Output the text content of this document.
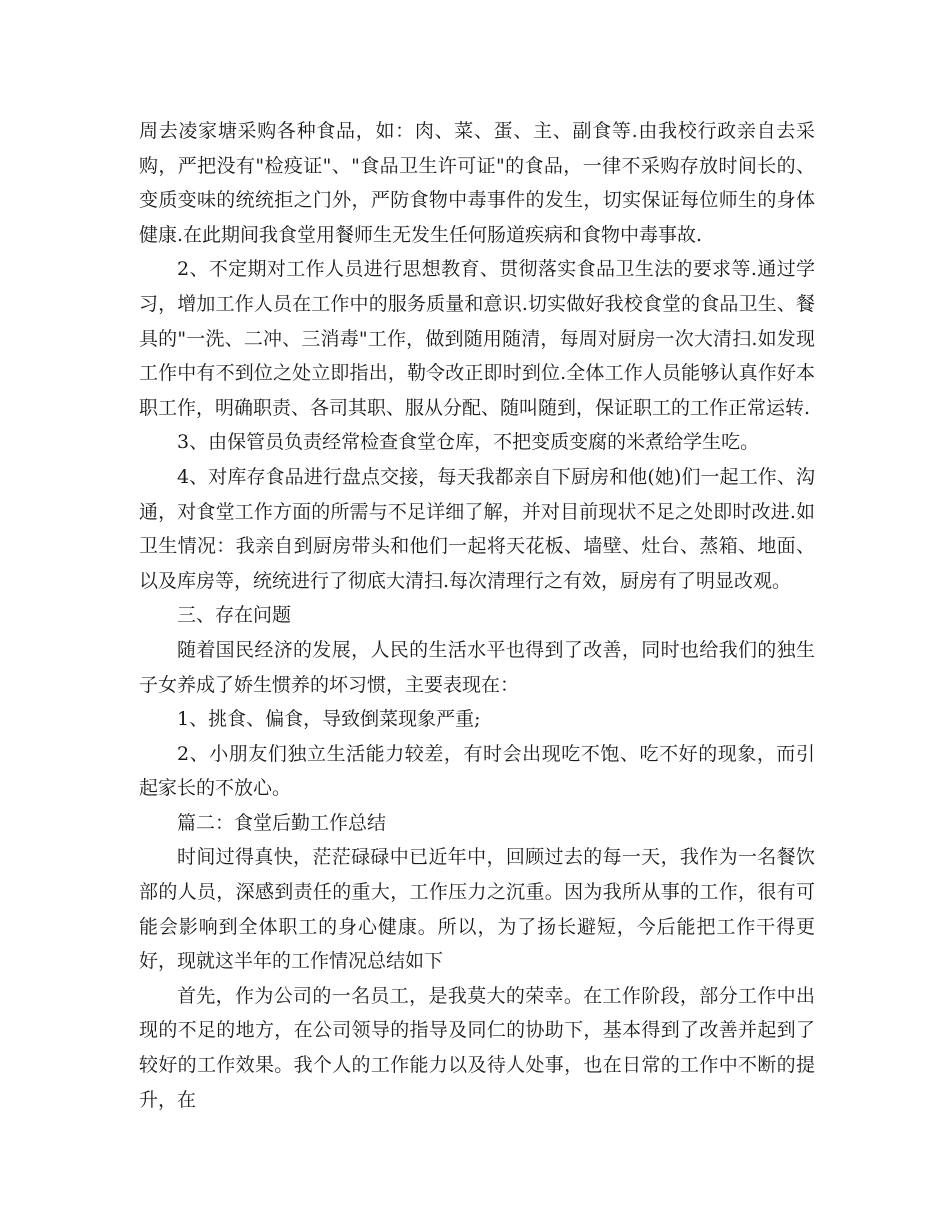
周去凌家塘采购各种食品，如：肉、菜、蛋、主、副食等.由我校行政亲自去采购，严把没有"检疫证"、"食品卫生许可证"的食品，一律不采购存放时间长的、变质变味的统统拒之门外，严防食物中毒事件的发生，切实保证每位师生的身体健康.在此期间我食堂用餐师生无发生任何肠道疾病和食物中毒事故.

2、不定期对工作人员进行思想教育、贯彻落实食品卫生法的要求等.通过学习，增加工作人员在工作中的服务质量和意识.切实做好我校食堂的食品卫生、餐具的"一洗、二冲、三消毒"工作，做到随用随清，每周对厨房一次大清扫.如发现工作中有不到位之处立即指出，勒令改正即时到位.全体工作人员能够认真作好本职工作，明确职责、各司其职、服从分配、随叫随到，保证职工的工作正常运转.

3、由保管员负责经常检查食堂仓库，不把变质变腐的米煮给学生吃。

4、对库存食品进行盘点交接，每天我都亲自下厨房和他(她)们一起工作、沟通，对食堂工作方面的所需与不足详细了解，并对目前现状不足之处即时改进.如卫生情况：我亲自到厨房带头和他们一起将天花板、墙壁、灶台、蒸箱、地面、以及库房等，统统进行了彻底大清扫.每次清理行之有效，厨房有了明显改观。

三、存在问题

随着国民经济的发展，人民的生活水平也得到了改善，同时也给我们的独生子女养成了娇生惯养的坏习惯，主要表现在：

1、挑食、偏食，导致倒菜现象严重;

2、小朋友们独立生活能力较差，有时会出现吃不饱、吃不好的现象，而引起家长的不放心。

篇二：食堂后勤工作总结

时间过得真快，茫茫碌碌中已近年中，回顾过去的每一天，我作为一名餐饮部的人员，深感到责任的重大，工作压力之沉重。因为我所从事的工作，很有可能会影响到全体职工的身心健康。所以，为了扬长避短，今后能把工作干得更好，现就这半年的工作情况总结如下

首先，作为公司的一名员工，是我莫大的荣幸。在工作阶段，部分工作中出现的不足的地方，在公司领导的指导及同仁的协助下，基本得到了改善并起到了较好的工作效果。我个人的工作能力以及待人处事，也在日常的工作中不断的提升，在
